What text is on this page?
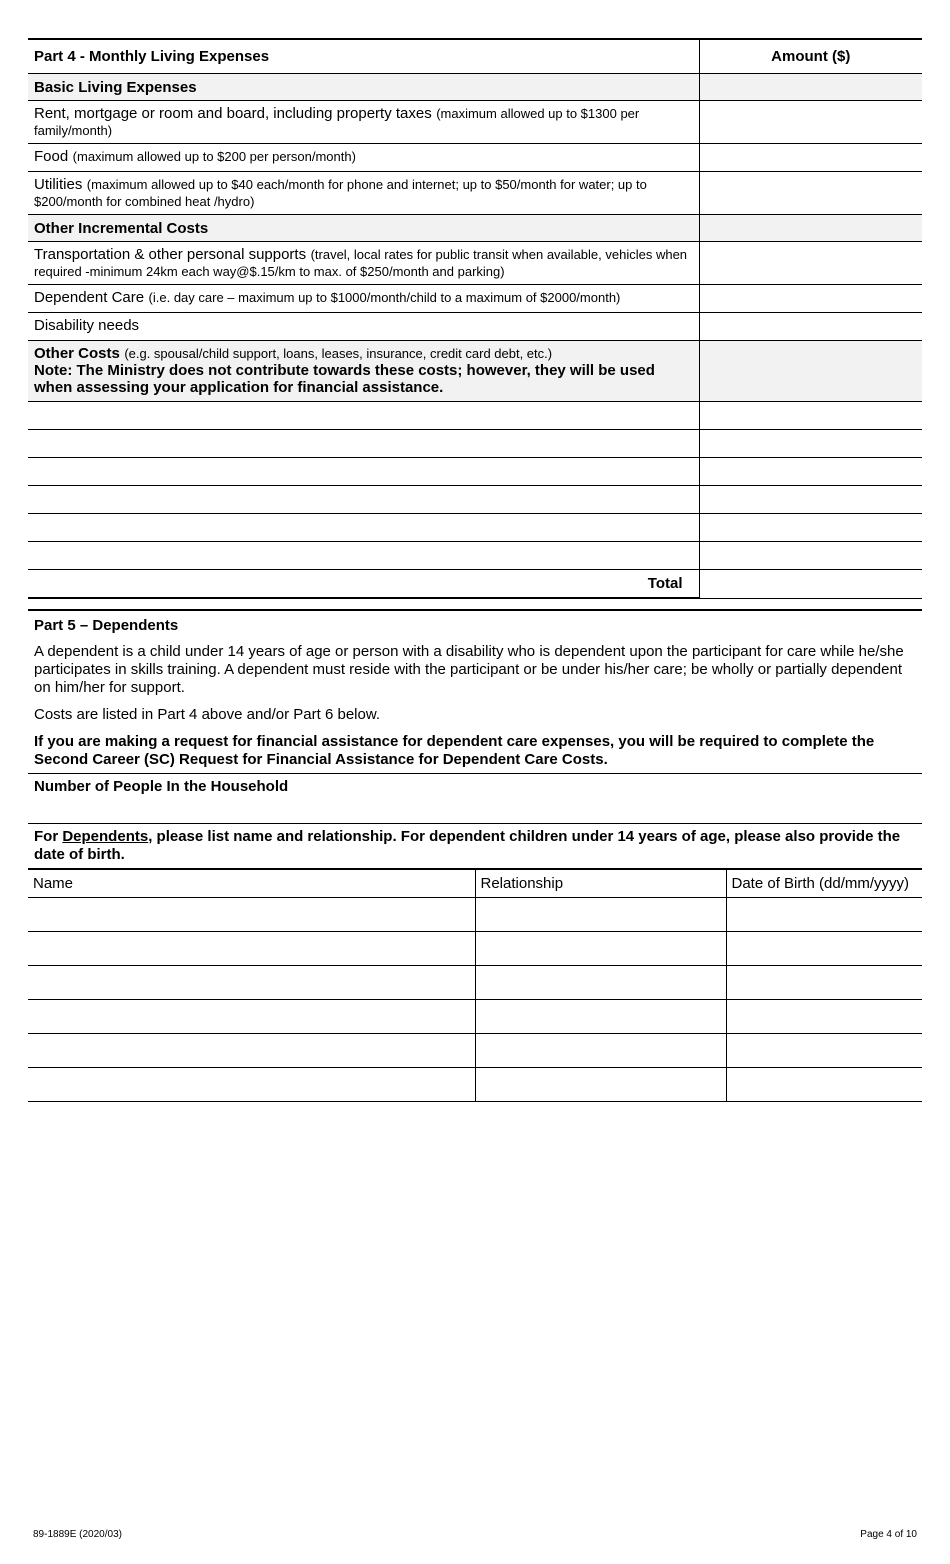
Part 4 - Monthly Living Expenses	Amount ($)
Basic Living Expenses	
Rent, mortgage or room and board, including property taxes (maximum allowed up to $1300 per family/month)	
Food (maximum allowed up to $200 per person/month)	
Utilities (maximum allowed up to $40 each/month for phone and internet; up to $50/month for water; up to $200/month for combined heat /hydro)	
Other Incremental Costs	
Transportation & other personal supports (travel, local rates for public transit when available, vehicles when required -minimum 24km each way@$.15/km to max. of $250/month and parking)	
Dependent Care (i.e. day care – maximum up to $1000/month/child to a maximum of $2000/month)	
Disability needs	
Other Costs (e.g. spousal/child support, loans, leases, insurance, credit card debt, etc.)
Note: The Ministry does not contribute towards these costs; however, they will be used when assessing your application for financial assistance.	

Total	
Part 5 – Dependents

A dependent is a child under 14 years of age or person with a disability who is dependent upon the participant for care while he/she participates in skills training. A dependent must reside with the participant or be under his/her care; be wholly or partially dependent on him/her for support.

Costs are listed in Part 4 above and/or Part 6 below.

If you are making a request for financial assistance for dependent care expenses, you will be required to complete the Second Career (SC) Request for Financial Assistance for Dependent Care Costs.

Number of People In the Household
For Dependents, please list name and relationship. For dependent children under 14 years of age, please also provide the date of birth.
Name	Relationship	Date of Birth (dd/mm/yyyy)

89-1889E (2020/03)	Page 4 of 10
